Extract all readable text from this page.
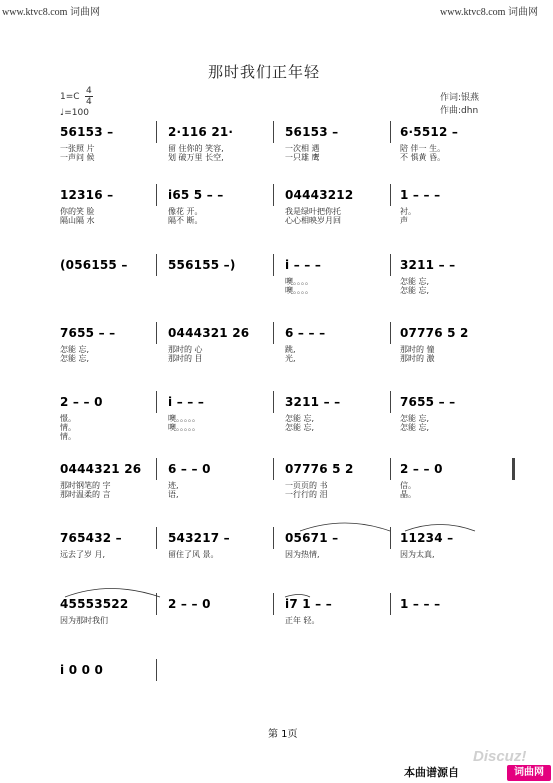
www.ktvc8.com 词曲网	www.ktvc8.com 词曲网
那时我们正年轻
1=C
4
4
♩=100
作词:银燕
作曲:dhn
56153 –
一张照 片
一声问 候
2·116 21·
留 住你的 笑容,
划 破万里 长空,
56153 –
一次相 遇
一只雄 鹰
6·5512 –
陪 伴一 生。
不 惧黄 昏。
12316 –
你的笑 脸
隔山隔 水
i65 5 – –
像花 开。
隔不 断。
04443212
我是绿叶把你托
心心相映岁月回
1 – – –
衬。
声
(056155 –	556155 –)	i – – –
噢。。。。
噢。。。。
3211 – –
怎能 忘,
怎能 忘,
7655 – –
怎能 忘,
怎能 忘,
0444321 26
那时的 心
那时的 目
6 – – –
跳,
光,
07776 5 2
那时的 憧
那时的 激
2 – – 0
憬。
情。
情。
i – – –
噢。。。。。
噢。。。。。
3211 – –
怎能 忘,
怎能 忘,
7655 – –
怎能 忘,
怎能 忘,
0444321 26
那时钢笔的 字
那时温柔的 言
6 – – 0
迹,
语,
07776 5 2
一页页的 书
一行行的 泪
2 – – 0
信。
晶。
765432 –
远去了岁 月,
543217 –
留住了风 景。
05671 –
因为热情,
11234 –
因为太真,
45553522
因为那时我们
2 – – 0	i7 1 – –
正年 轻。
1 – – –
i 0 0 0
第 1页
本曲谱源自
Discuz!
词曲网
